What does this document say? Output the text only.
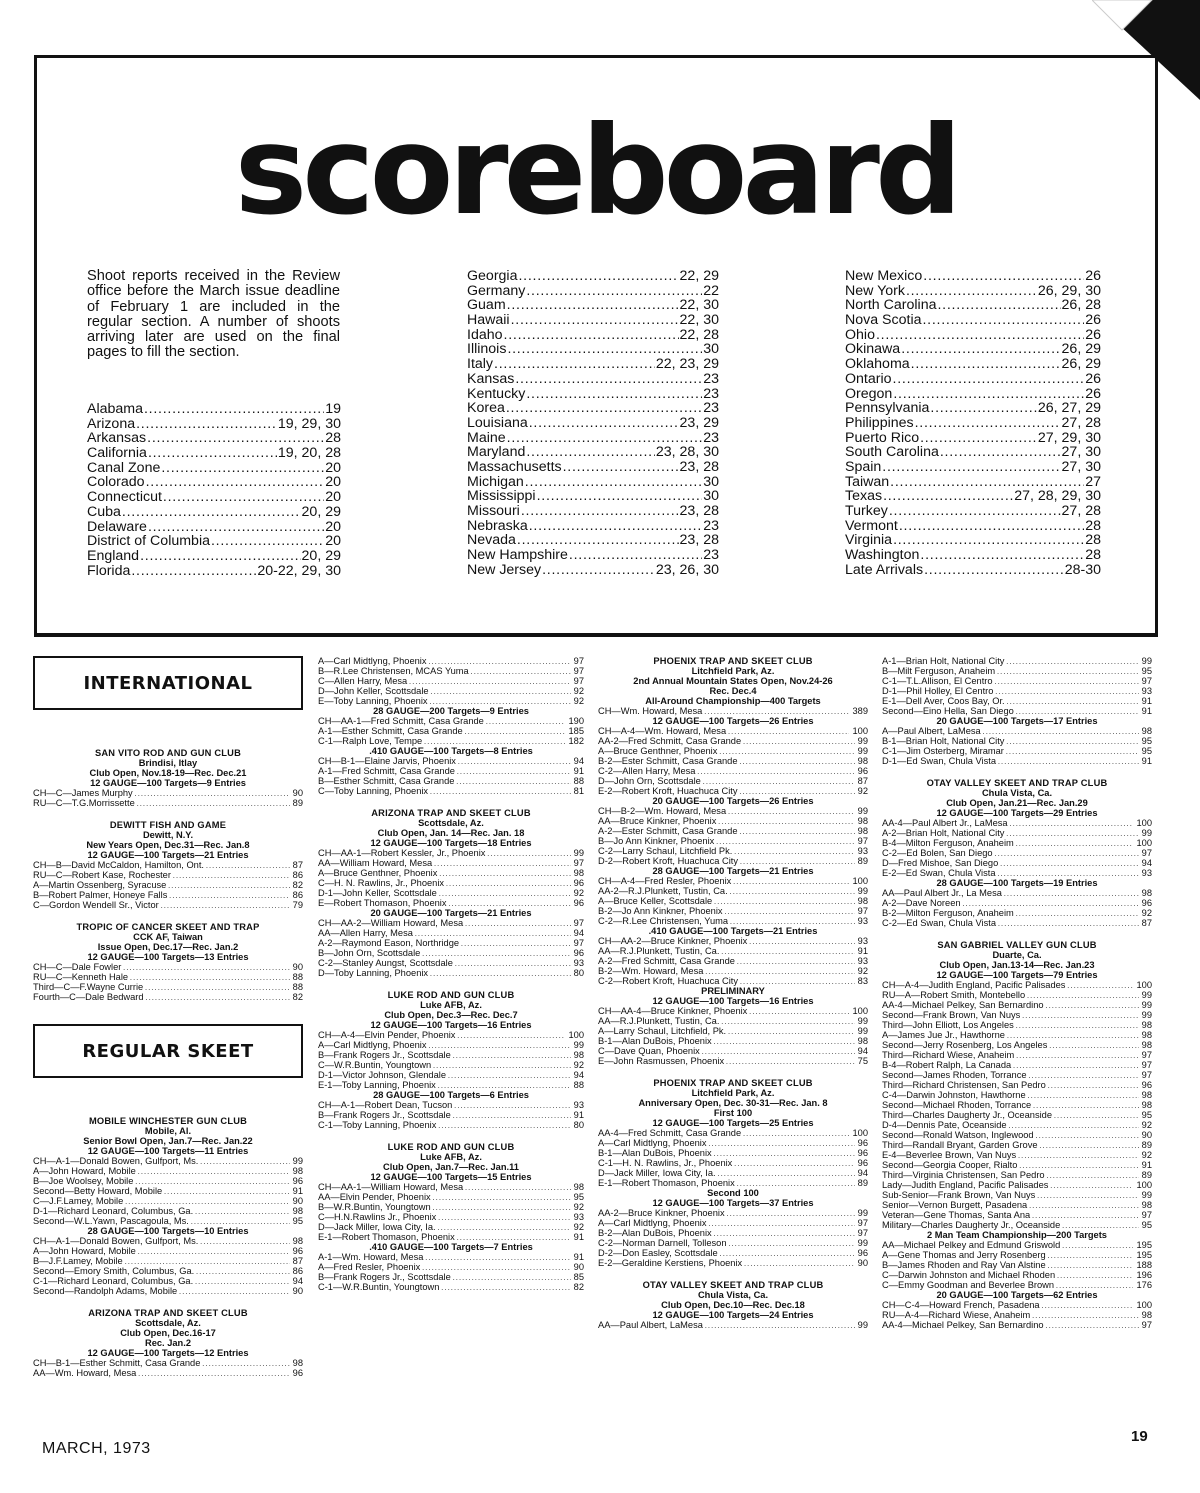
scoreboard
Shoot reports received in the Review office before the March issue deadline of February 1 are included in the regular section. A number of shoots arriving later are used on the final pages to fill the section.
Alabama . . .	19
Arizona . . .	19, 29, 30
Arkansas . . .	28
California . . .	19, 20, 28
Canal Zone . . .	20
Colorado . . .	20
Connecticut . . .	20
Cuba . . .	20, 29
Delaware . . .	20
District of Columbia . . .	20
England . . .	20, 29
Florida . . .	20-22, 29, 30
Georgia . . .	22, 29
Germany . . .	22
Guam . . .	22, 30
Hawaii . . .	22, 30
Idaho . . .	22, 28
Illinois . . .	30
Italy . . .	22, 23, 29
Kansas . . .	23
Kentucky . . .	23
Korea . . .	23
Louisiana . . .	23, 29
Maine . . .	23
Maryland . . .	23, 28, 30
Massachusetts . . .	23, 28
Michigan . . .	30
Mississippi . . .	30
Missouri . . .	23, 28
Nebraska . . .	23
Nevada . . .	23, 28
New Hampshire . . .	23
New Jersey . . .	23, 26, 30
New Mexico . . .	26
New York . . .	26, 29, 30
North Carolina . . .	26, 28
Nova Scotia . . .	26
Ohio . . .	26
Okinawa . . .	26, 29
Oklahoma . . .	26, 29
Ontario . . .	26
Oregon . . .	26
Pennsylvania . . .	26, 27, 29
Philippines . . .	27, 28
Puerto Rico . . .	27, 29, 30
South Carolina . . .	27, 30
Spain . . .	27, 30
Taiwan . . .	27
Texas . . .	27, 28, 29, 30
Turkey . . .	27, 28
Vermont . . .	28
Virginia . . .	28
Washington . . .	28
Late Arrivals . . .	28-30
INTERNATIONAL
SAN VITO ROD AND GUN CLUB
Brindisi, Itlay
Club Open, Nov.18-19—Rec. Dec.21
12 GAUGE—100 Targets—9 Entries
CH—C—James Murphy . . .	90
RU—C—T.G.Morrissette . . .	89
DEWITT FISH AND GAME
Dewitt, N.Y.
New Years Open, Dec.31—Rec. Jan.8
12 GAUGE—100 Targets—21 Entries
CH—B—David McCaldon, Hamilton, Ont. . . .	87
RU—C—Robert Kase, Rochester . . .	86
A—Martin Ossenberg, Syracuse . . .	82
B—Robert Palmer, Honeye Falls . . .	86
C—Gordon Wendell Sr., Victor . . .	79
TROPIC OF CANCER SKEET AND TRAP
CCK AF, Taiwan
Issue Open, Dec.17—Rec. Jan.2
12 GAUGE—100 Targets—13 Entries
CH—C—Dale Fowler . . .	90
RU—C—Kenneth Hale . . .	88
Third—C—F.Wayne Currie . . .	88
Fourth—C—Dale Bedward . . .	82
REGULAR SKEET
MOBILE WINCHESTER GUN CLUB
Mobile, Al.
Senior Bowl Open, Jan.7—Rec. Jan.22
12 GAUGE—100 Targets—11 Entries
CH—A-1—Donald Bowen, Gulfport, Ms. . . .	99
A—John Howard, Mobile . . .	98
B—Joe Woolsey, Mobile . . .	96
Second—Betty Howard, Mobile . . .	91
C—J.F.Lamey, Mobile . . .	90
D-1—Richard Leonard, Columbus, Ga. . . .	98
Second—W.L.Yawn, Pascagoula, Ms. . . .	95
28 GAUGE—100 Targets—10 Entries
CH—A-1—Donald Bowen, Gulfport, Ms. . . .	98
A—John Howard, Mobile . . .	96
B—J.F.Lamey, Mobile . . .	87
Second—Emory Smith, Columbus, Ga. . . .	86
C-1—Richard Leonard, Columbus, Ga. . . .	94
Second—Randolph Adams, Mobile . . .	90
ARIZONA TRAP AND SKEET CLUB
Scottsdale, Az.
Club Open, Dec.16-17
Rec. Jan.2
12 GAUGE—100 Targets—12 Entries
CH—B-1—Esther Schmitt, Casa Grande . . .	98
AA—Wm. Howard, Mesa . . .	96
A—Carl Midtlyng, Phoenix . . .	97
B—R.Lee Christensen, MCAS Yuma . . .	97
C—Allen Harry, Mesa . . .	97
D—John Keller, Scottsdale . . .	92
E—Toby Lanning, Phoenix . . .	92
28 GAUGE—200 Targets—9 Entries
CH—AA-1—Fred Schmitt, Casa Grande . . .	190
A-1—Esther Schmitt, Casa Grande . . .	185
C-1—Ralph Love, Tempe . . .	182
.410 GAUGE—100 Targets—8 Entries
CH—B-1—Elaine Jarvis, Phoenix . . .	94
A-1—Fred Schmitt, Casa Grande . . .	91
B—Esther Schmitt, Casa Grande . . .	88
C—Toby Lanning, Phoenix . . .	81
ARIZONA TRAP AND SKEET CLUB
Scottsdale, Az.
Club Open, Jan. 14—Rec. Jan. 18
12 GAUGE—100 Targets—18 Entries
CH—AA-1—Robert Kessler, Jr., Phoenix . . .	99
AA—William Howard, Mesa . . .	97
A—Bruce Genthner, Phoenix . . .	98
C—H. N. Rawlins, Jr., Phoenix . . .	96
D-1—John Keller, Scottsdale . . .	92
E—Robert Thomason, Phoenix . . .	96
20 GAUGE—100 Targets—21 Entries
CH—AA-2—William Howard, Mesa . . .	97
AA—Allen Harry, Mesa . . .	94
A-2—Raymond Eason, Northridge . . .	97
B—John Orn, Scottsdale . . .	96
C-2—Stanley Aungst, Scottsdale . . .	93
D—Toby Lanning, Phoenix . . .	80
LUKE ROD AND GUN CLUB
Luke AFB, Az.
Club Open, Dec.3—Rec. Dec.7
12 GAUGE—100 Targets—16 Entries
CH—A-4—Elvin Pender, Phoenix . . .	100
A—Carl Midtlyng, Phoenix . . .	99
B—Frank Rogers Jr., Scottsdale . . .	98
C—W.R.Buntin, Youngtown . . .	92
D-1—Victor Johnson, Glendale . . .	94
E-1—Toby Lanning, Phoenix . . .	88
28 GAUGE—100 Targets—6 Entries
CH—A-1—Robert Dean, Tucson . . .	93
B—Frank Rogers Jr., Scottsdale . . .	91
C-1—Toby Lanning, Phoenix . . .	80
LUKE ROD AND GUN CLUB
Luke AFB, Az.
Club Open, Jan.7—Rec. Jan.11
12 GAUGE—100 Targets—15 Entries
CH—AA-1—William Howard, Mesa . . .	98
AA—Elvin Pender, Phoenix . . .	95
B—W.R.Buntin, Youngtown . . .	92
C—H.N.Rawlins Jr., Phoenix . . .	93
D—Jack Miller, Iowa City, Ia. . . .	92
E-1—Robert Thomason, Phoenix . . .	91
.410 GAUGE—100 Targets—7 Entries
A-1—Wm. Howard, Mesa . . .	91
A—Fred Resler, Phoenix . . .	90
B—Frank Rogers Jr., Scottsdale . . .	85
C-1—W.R.Buntin, Youngtown . . .	82
PHOENIX TRAP AND SKEET CLUB
Litchfield Park, Az.
2nd Annual Mountain States Open, Nov.24-26
Rec. Dec.4
All-Around Championship—400 Targets
CH—Wm. Howard, Mesa . . .	389
12 GAUGE—100 Targets—26 Entries
CH—A-4—Wm. Howard, Mesa . . .	100
AA-2—Fred Schmitt, Casa Grande . . .	99
A—Bruce Genthner, Phoenix . . .	99
B-2—Ester Schmitt, Casa Grande . . .	98
C-2—Allen Harry, Mesa . . .	96
D—John Orn, Scottsdale . . .	87
E-2—Robert Kroft, Huachuca City . . .	92
20 GAUGE—100 Targets—26 Entries
CH—B-2—Wm. Howard, Mesa . . .	99
AA—Bruce Kinkner, Phoenix . . .	98
A-2—Ester Schmitt, Casa Grande . . .	98
B—Jo Ann Kinkner, Phoenix . . .	97
C-2—Larry Schaul, Litchfield Pk. . . .	93
D-2—Robert Kroft, Huachuca City . . .	89
28 GAUGE—100 Targets—21 Entries
CH—A-4—Fred Resler, Phoenix . . .	100
AA-2—R.J.Plunkett, Tustin, Ca. . . .	99
A—Bruce Keller, Scottsdale . . .	98
B-2—Jo Ann Kinkner, Phoenix . . .	97
C-2—R.Lee Christensen, Yuma . . .	93
.410 GAUGE—100 Targets—21 Entries
CH—AA-2—Bruce Kinkner, Phoenix . . .	93
AA—R.J.Plunkett, Tustin, Ca. . . .	91
A-2—Fred Schmitt, Casa Grande . . .	93
B-2—Wm. Howard, Mesa . . .	92
C-2—Robert Kroft, Huachuca City . . .	83
PRELIMINARY
12 GAUGE—100 Targets—16 Entries
CH—AA-4—Bruce Kinkner, Phoenix . . .	100
AA—R.J.Plunkett, Tustin, Ca. . . .	99
A—Larry Schaul, Litchfield, Pk. . . .	99
B-1—Alan DuBois, Phoenix . . .	98
C—Dave Quan, Phoenix . . .	94
E—John Rasmussen, Phoenix . . .	75
PHOENIX TRAP AND SKEET CLUB
Litchfield Park, Az.
Anniversary Open, Dec. 30-31—Rec. Jan. 8
First 100
12 GAUGE—100 Targets—25 Entries
AA-4—Fred Schmitt, Casa Grande . . .	100
A—Carl Midtlyng, Phoenix . . .	96
B-1—Alan DuBois, Phoenix . . .	96
C-1—H. N. Rawlins, Jr., Phoenix . . .	96
D—Jack Miller, Iowa City, Ia. . . .	94
E-1—Robert Thomason, Phoenix . . .	89
Second 100
12 GAUGE—100 Targets—37 Entries
AA-2—Bruce Kinkner, Phoenix . . .	99
A—Carl Midtlyng, Phoenix . . .	97
B-2—Alan DuBois, Phoenix . . .	97
C-2—Norman Darnell, Tolleson . . .	99
D-2—Don Easley, Scottsdale . . .	96
E-2—Geraldine Kerstiens, Phoenix . . .	90
OTAY VALLEY SKEET AND TRAP CLUB
Chula Vista, Ca.
Club Open, Dec.10—Rec. Dec.18
12 GAUGE—100 Targets—24 Entries
AA—Paul Albert, LaMesa . . .	99
A-1—Brian Holt, National City . . .	99
B—Milt Ferguson, Anaheim . . .	95
C-1—T.L.Allison, El Centro . . .	97
D-1—Phil Holley, El Centro . . .	93
E-1—Dell Aver, Coos Bay, Or. . . .	91
Second—Eino Hella, San Diego . . .	91
20 GAUGE—100 Targets—17 Entries
A—Paul Albert, LaMesa . . .	98
B-1—Brian Holt, National City . . .	95
C-1—Jim Osterberg, Miramar . . .	95
D-1—Ed Swan, Chula Vista . . .	91
OTAY VALLEY SKEET AND TRAP CLUB
Chula Vista, Ca.
Club Open, Jan.21—Rec. Jan.29
12 GAUGE—100 Targets—29 Entries
AA-4—Paul Albert Jr., LaMesa . . .	100
A-2—Brian Holt, National City . . .	99
B-4—Milton Ferguson, Anaheim . . .	100
C-2—Ed Bolen, San Diego . . .	97
D—Fred Mishoe, San Diego . . .	94
E-2—Ed Swan, Chula Vista . . .	93
28 GAUGE—100 Targets—19 Entries
AA—Paul Albert Jr., La Mesa . . .	98
A-2—Dave Noreen . . .	96
B-2—Milton Ferguson, Anaheim . . .	92
C-2—Ed Swan, Chula Vista . . .	87
SAN GABRIEL VALLEY GUN CLUB
Duarte, Ca.
Club Open, Jan.13-14—Rec. Jan.23
12 GAUGE—100 Targets—79 Entries
CH—A-4—Judith England, Pacific Palisades . . .	100
RU—A—Robert Smith, Montebello . . .	99
AA-4—Michael Pelkey, San Bernardino . . .	99
Second—Frank Brown, Van Nuys . . .	99
Third—John Elliott, Los Angeles . . .	98
A—James Jue Jr., Hawthorne . . .	98
Second—Jerry Rosenberg, Los Angeles . . .	98
Third—Richard Wiese, Anaheim . . .	97
B-4—Robert Ralph, La Canada . . .	97
Second—James Rhoden, Torrance . . .	97
Third—Richard Christensen, San Pedro . . .	96
C-4—Darwin Johnston, Hawthorne . . .	98
Second—Michael Rhoden, Torrance . . .	98
Third—Charles Daugherty Jr., Oceanside . . .	95
D-4—Dennis Pate, Oceanside . . .	92
Second—Ronald Watson, Inglewood . . .	90
Third—Randall Bryant, Garden Grove . . .	89
E-4—Beverlee Brown, Van Nuys . . .	92
Second—Georgia Cooper, Rialto . . .	91
Third—Virginia Christensen, San Pedro . . .	89
Lady—Judith England, Pacific Palisades . . .	100
Sub-Senior—Frank Brown, Van Nuys . . .	99
Senior—Vernon Burgett, Pasadena . . .	98
Veteran—Gene Thomas, Santa Ana . . .	97
Military—Charles Daugherty Jr., Oceanside . . .	95
2 Man Team Championship—200 Targets
AA—Michael Pelkey and Edmund Griswold . . .	195
A—Gene Thomas and Jerry Rosenberg . . .	195
B—James Rhoden and Ray Van Alstine . . .	188
C—Darwin Johnston and Michael Rhoden . . .	196
C—Emmy Goodman and Beverlee Brown . . .	176
20 GAUGE—100 Targets—62 Entries
CH—C-4—Howard French, Pasadena . . .	100
RU—A-4—Richard Wiese, Anaheim . . .	98
AA-4—Michael Pelkey, San Bernardino . . .	97
MARCH, 1973
19
